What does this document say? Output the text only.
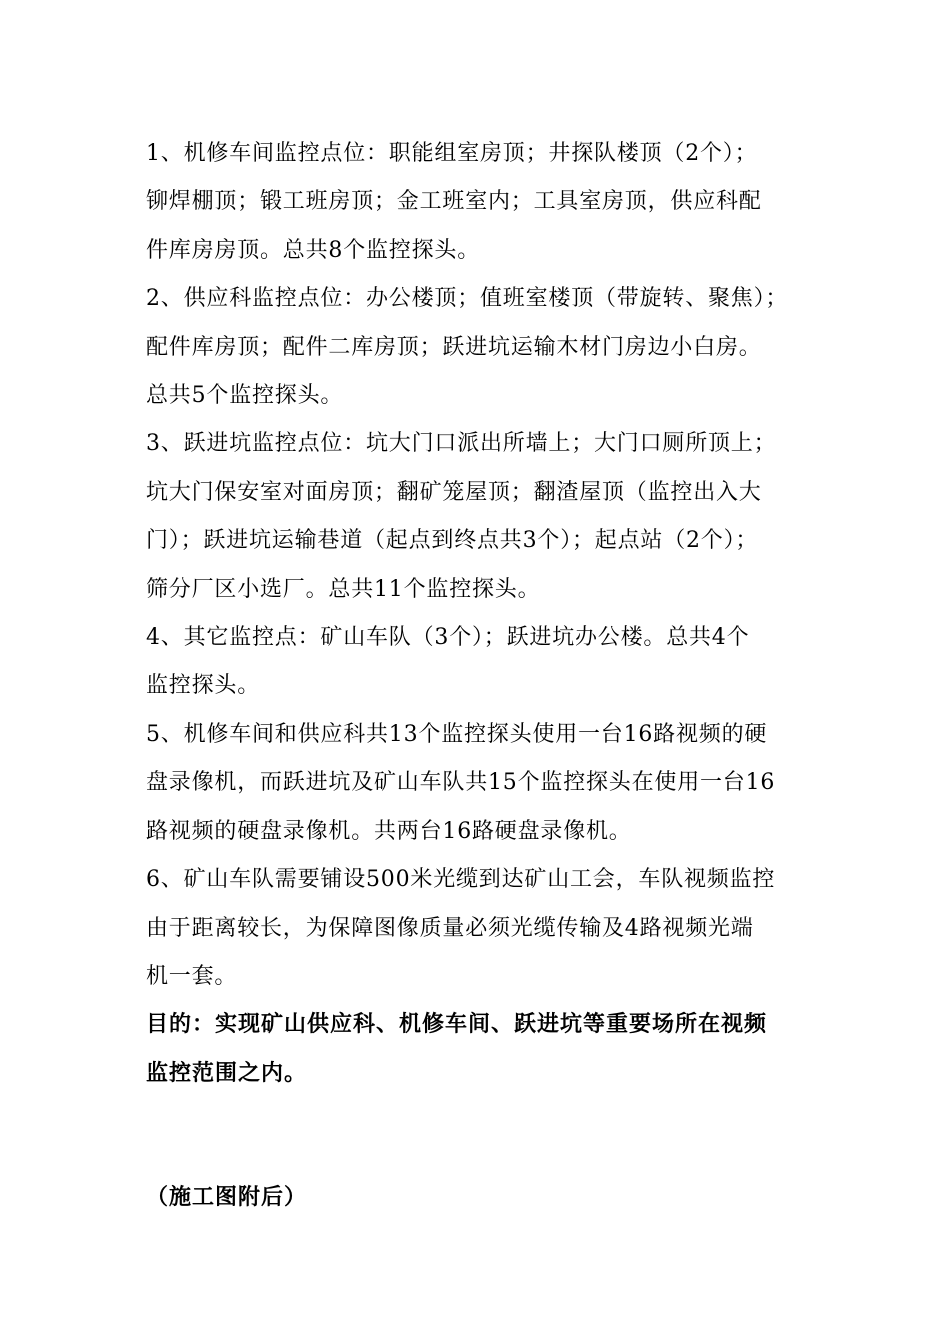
1、机修车间监控点位：职能组室房顶；井探队楼顶（2个）；
铆焊棚顶；锻工班房顶；金工班室内；工具室房顶，供应科配
件库房房顶。总共8个监控探头。

2、供应科监控点位：办公楼顶；值班室楼顶（带旋转、聚焦）；
配件库房顶；配件二库房顶；跃进坑运输木材门房边小白房。
总共5个监控探头。

3、跃进坑监控点位：坑大门口派出所墙上；大门口厕所顶上；
坑大门保安室对面房顶；翻矿笼屋顶；翻渣屋顶（监控出入大
门）；跃进坑运输巷道（起点到终点共3个）；起点站（2个）；
筛分厂区小选厂。总共11个监控探头。

4、其它监控点：矿山车队（3个）；跃进坑办公楼。总共4个
监控探头。

5、机修车间和供应科共13个监控探头使用一台16路视频的硬
盘录像机，而跃进坑及矿山车队共15个监控探头在使用一台16
路视频的硬盘录像机。共两台16路硬盘录像机。

6、矿山车队需要铺设500米光缆到达矿山工会，车队视频监控
由于距离较长，为保障图像质量必须光缆传输及4路视频光端
机一套。

目的：实现矿山供应科、机修车间、跃进坑等重要场所在视频
监控范围之内。

（施工图附后）
